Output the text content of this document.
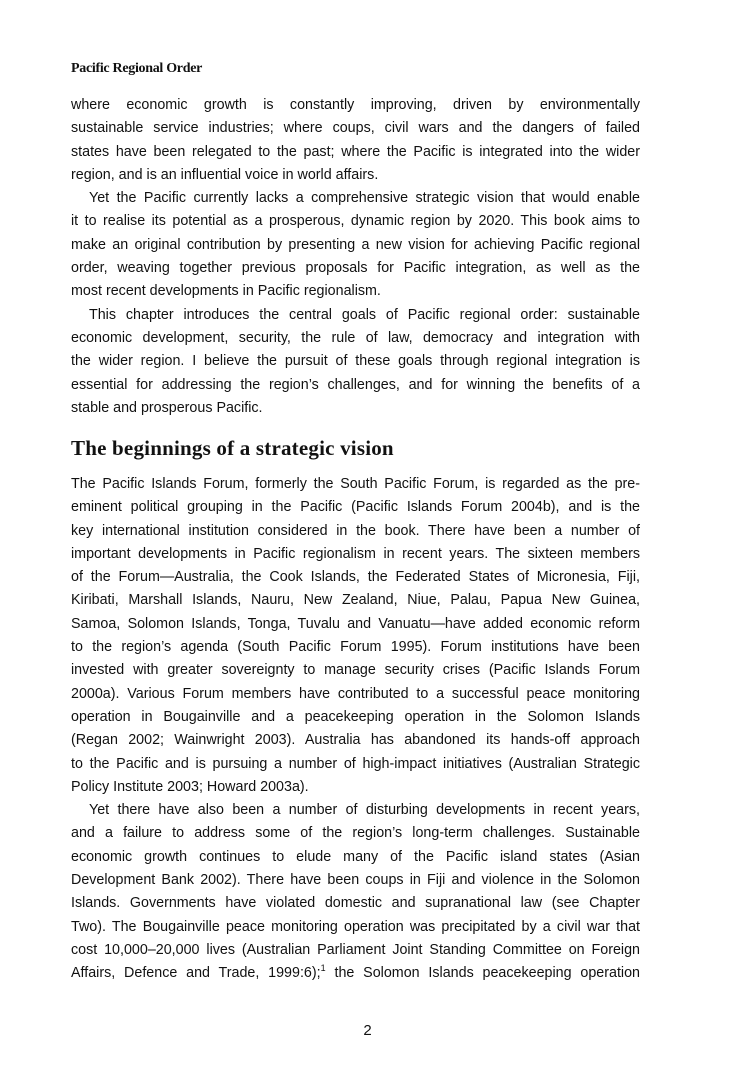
Pacific Regional Order
where economic growth is constantly improving, driven by environmentally
sustainable service industries; where coups, civil wars and the dangers of failed
states have been relegated to the past; where the Pacific is integrated into the wider
region, and is an influential voice in world affairs.
Yet the Pacific currently lacks a comprehensive strategic vision that would enable
it to realise its potential as a prosperous, dynamic region by 2020. This book aims to
make an original contribution by presenting a new vision for achieving Pacific regional
order, weaving together previous proposals for Pacific integration, as well as the
most recent developments in Pacific regionalism.
This chapter introduces the central goals of Pacific regional order: sustainable
economic development, security, the rule of law, democracy and integration with
the wider region. I believe the pursuit of these goals through regional integration is
essential for addressing the region’s challenges, and for winning the benefits of a
stable and prosperous Pacific.
The beginnings of a strategic vision
The Pacific Islands Forum, formerly the South Pacific Forum, is regarded as the pre-
eminent political grouping in the Pacific (Pacific Islands Forum 2004b), and is the
key international institution considered in the book. There have been a number of
important developments in Pacific regionalism in recent years. The sixteen members
of the Forum—Australia, the Cook Islands, the Federated States of Micronesia, Fiji,
Kiribati, Marshall Islands, Nauru, New Zealand, Niue, Palau, Papua New Guinea,
Samoa, Solomon Islands, Tonga, Tuvalu and Vanuatu—have added economic reform
to the region’s agenda (South Pacific Forum 1995). Forum institutions have been
invested with greater sovereignty to manage security crises (Pacific Islands Forum
2000a). Various Forum members have contributed to a successful peace monitoring
operation in Bougainville and a peacekeeping operation in the Solomon Islands
(Regan 2002; Wainwright 2003). Australia has abandoned its hands-off approach
to the Pacific and is pursuing a number of high-impact initiatives (Australian Strategic
Policy Institute 2003; Howard 2003a).
Yet there have also been a number of disturbing developments in recent years,
and a failure to address some of the region’s long-term challenges. Sustainable
economic growth continues to elude many of the Pacific island states (Asian
Development Bank 2002). There have been coups in Fiji and violence in the Solomon
Islands. Governments have violated domestic and supranational law (see Chapter
Two). The Bougainville peace monitoring operation was precipitated by a civil war that
cost 10,000–20,000 lives (Australian Parliament Joint Standing Committee on Foreign
Affairs, Defence and Trade, 1999:6);$^1$ the Solomon Islands peacekeeping operation
2
